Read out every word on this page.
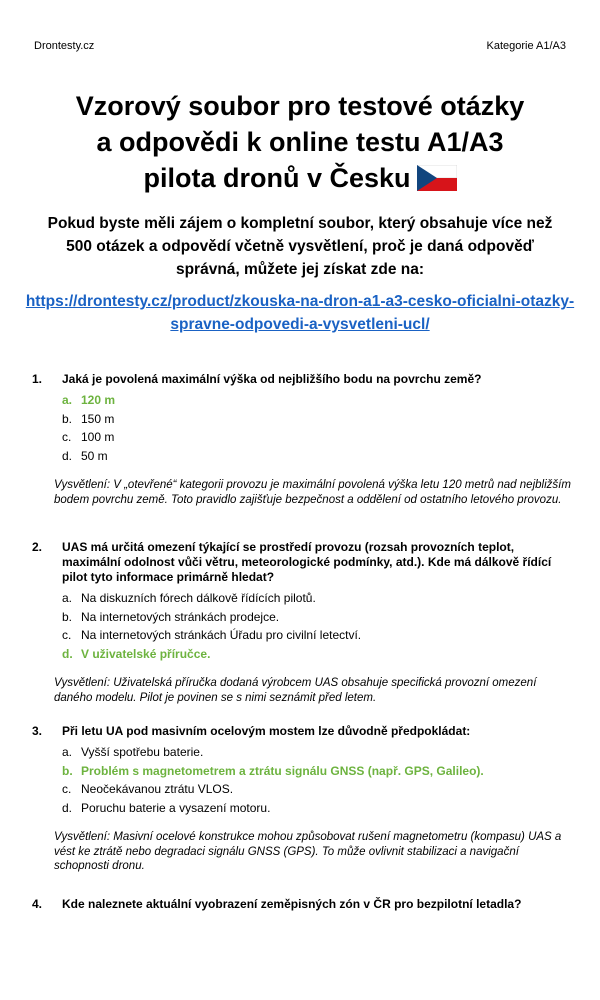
Drontesty.cz	Kategorie A1/A3
Vzorový soubor pro testové otázky
a odpovědi k online testu A1/A3
pilota dronů v Česku
Pokud byste měli zájem o kompletní soubor, který obsahuje více než 500 otázek a odpovědí včetně vysvětlení, proč je daná odpověď správná, můžete jej získat zde na:
https://drontesty.cz/product/zkouska-na-dron-a1-a3-cesko-oficialni-otazky-spravne-odpovedi-a-vysvetleni-ucl/
1.	Jaká je povolená maximální výška od nejbližšího bodu na povrchu země?
a. 120 m
b. 150 m
c. 100 m
d. 50 m
Vysvětlení: V „otevřené“ kategorii provozu je maximální povolená výška letu 120 metrů nad nejbližším bodem povrchu země. Toto pravidlo zajišťuje bezpečnost a oddělení od ostatního letového provozu.
2.	UAS má určitá omezení týkající se prostředí provozu (rozsah provozních teplot, maximální odolnost vůči větru, meteorologické podmínky, atd.). Kde má dálkově řídící pilot tyto informace primárně hledat?
a. Na diskuzních fórech dálkově řídících pilotů.
b. Na internetových stránkách prodejce.
c. Na internetových stránkách Úřadu pro civilní letectví.
d. V uživatelské příručce.
Vysvětlení: Uživatelská příručka dodaná výrobcem UAS obsahuje specifická provozní omezení daného modelu. Pilot je povinen se s nimi seznámit před letem.
3.	Při letu UA pod masivním ocelovým mostem lze důvodně předpokládat:
a. Vyšší spotřebu baterie.
b. Problém s magnetometrem a ztrátu signálu GNSS (např. GPS, Galileo).
c. Neočekávanou ztrátu VLOS.
d. Poruchu baterie a vysazení motoru.
Vysvětlení: Masivní ocelové konstrukce mohou způsobovat rušení magnetometru (kompasu) UAS a vést ke ztrátě nebo degradaci signálu GNSS (GPS). To může ovlivnit stabilizaci a navigační schopnosti dronu.
4.	Kde naleznete aktuální vyobrazení zeměpisných zón v ČR pro bezpilotní letadla?
